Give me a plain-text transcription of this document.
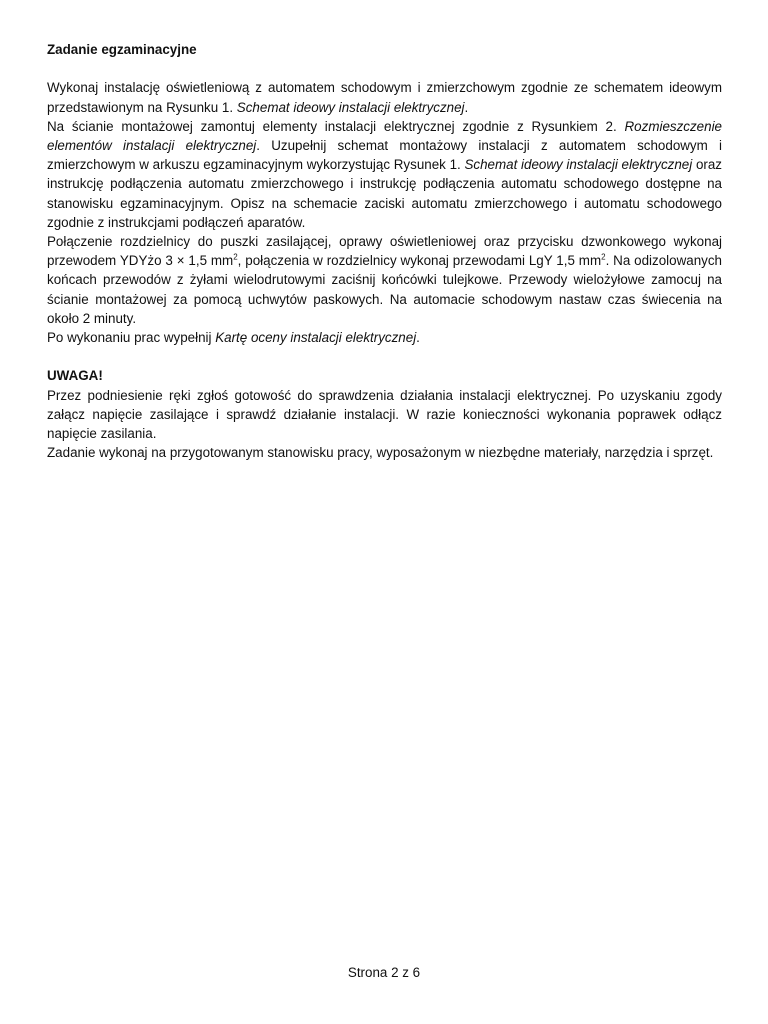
Zadanie egzaminacyjne

Wykonaj instalację oświetleniową z automatem schodowym i zmierzchowym zgodnie ze schematem ideowym przedstawionym na Rysunku 1. Schemat ideowy instalacji elektrycznej.

Na ścianie montażowej zamontuj elementy instalacji elektrycznej zgodnie z Rysunkiem 2. Rozmieszczenie elementów instalacji elektrycznej. Uzupełnij schemat montażowy instalacji z automatem schodowym i zmierzchowym w arkuszu egzaminacyjnym wykorzystując Rysunek 1. Schemat ideowy instalacji elektrycznej oraz instrukcję podłączenia automatu zmierzchowego i instrukcję podłączenia automatu schodowego dostępne na stanowisku egzaminacyjnym. Opisz na schemacie zaciski automatu zmierzchowego i automatu schodowego zgodnie z instrukcjami podłączeń aparatów.

Połączenie rozdzielnicy do puszki zasilającej, oprawy oświetleniowej oraz przycisku dzwonkowego wykonaj przewodem YDYżo 3 × 1,5 $mm^2$, połączenia w rozdzielnicy wykonaj przewodami LgY 1,5 $mm^2$. Na odizolowanych końcach przewodów z żyłami wielodrutowymi zaciśnij końcówki tulejkowe. Przewody wielożyłowe zamocuj na ścianie montażowej za pomocą uchwytów paskowych. Na automacie schodowym nastaw czas świecenia na około 2 minuty.

Po wykonaniu prac wypełnij Kartę oceny instalacji elektrycznej.

UWAGA!

Przez podniesienie ręki zgłoś gotowość do sprawdzenia działania instalacji elektrycznej. Po uzyskaniu zgody załącz napięcie zasilające i sprawdź działanie instalacji. W razie konieczności wykonania poprawek odłącz napięcie zasilania.

Zadanie wykonaj na przygotowanym stanowisku pracy, wyposażonym w niezbędne materiały, narzędzia i sprzęt.

Strona 2 z 6
